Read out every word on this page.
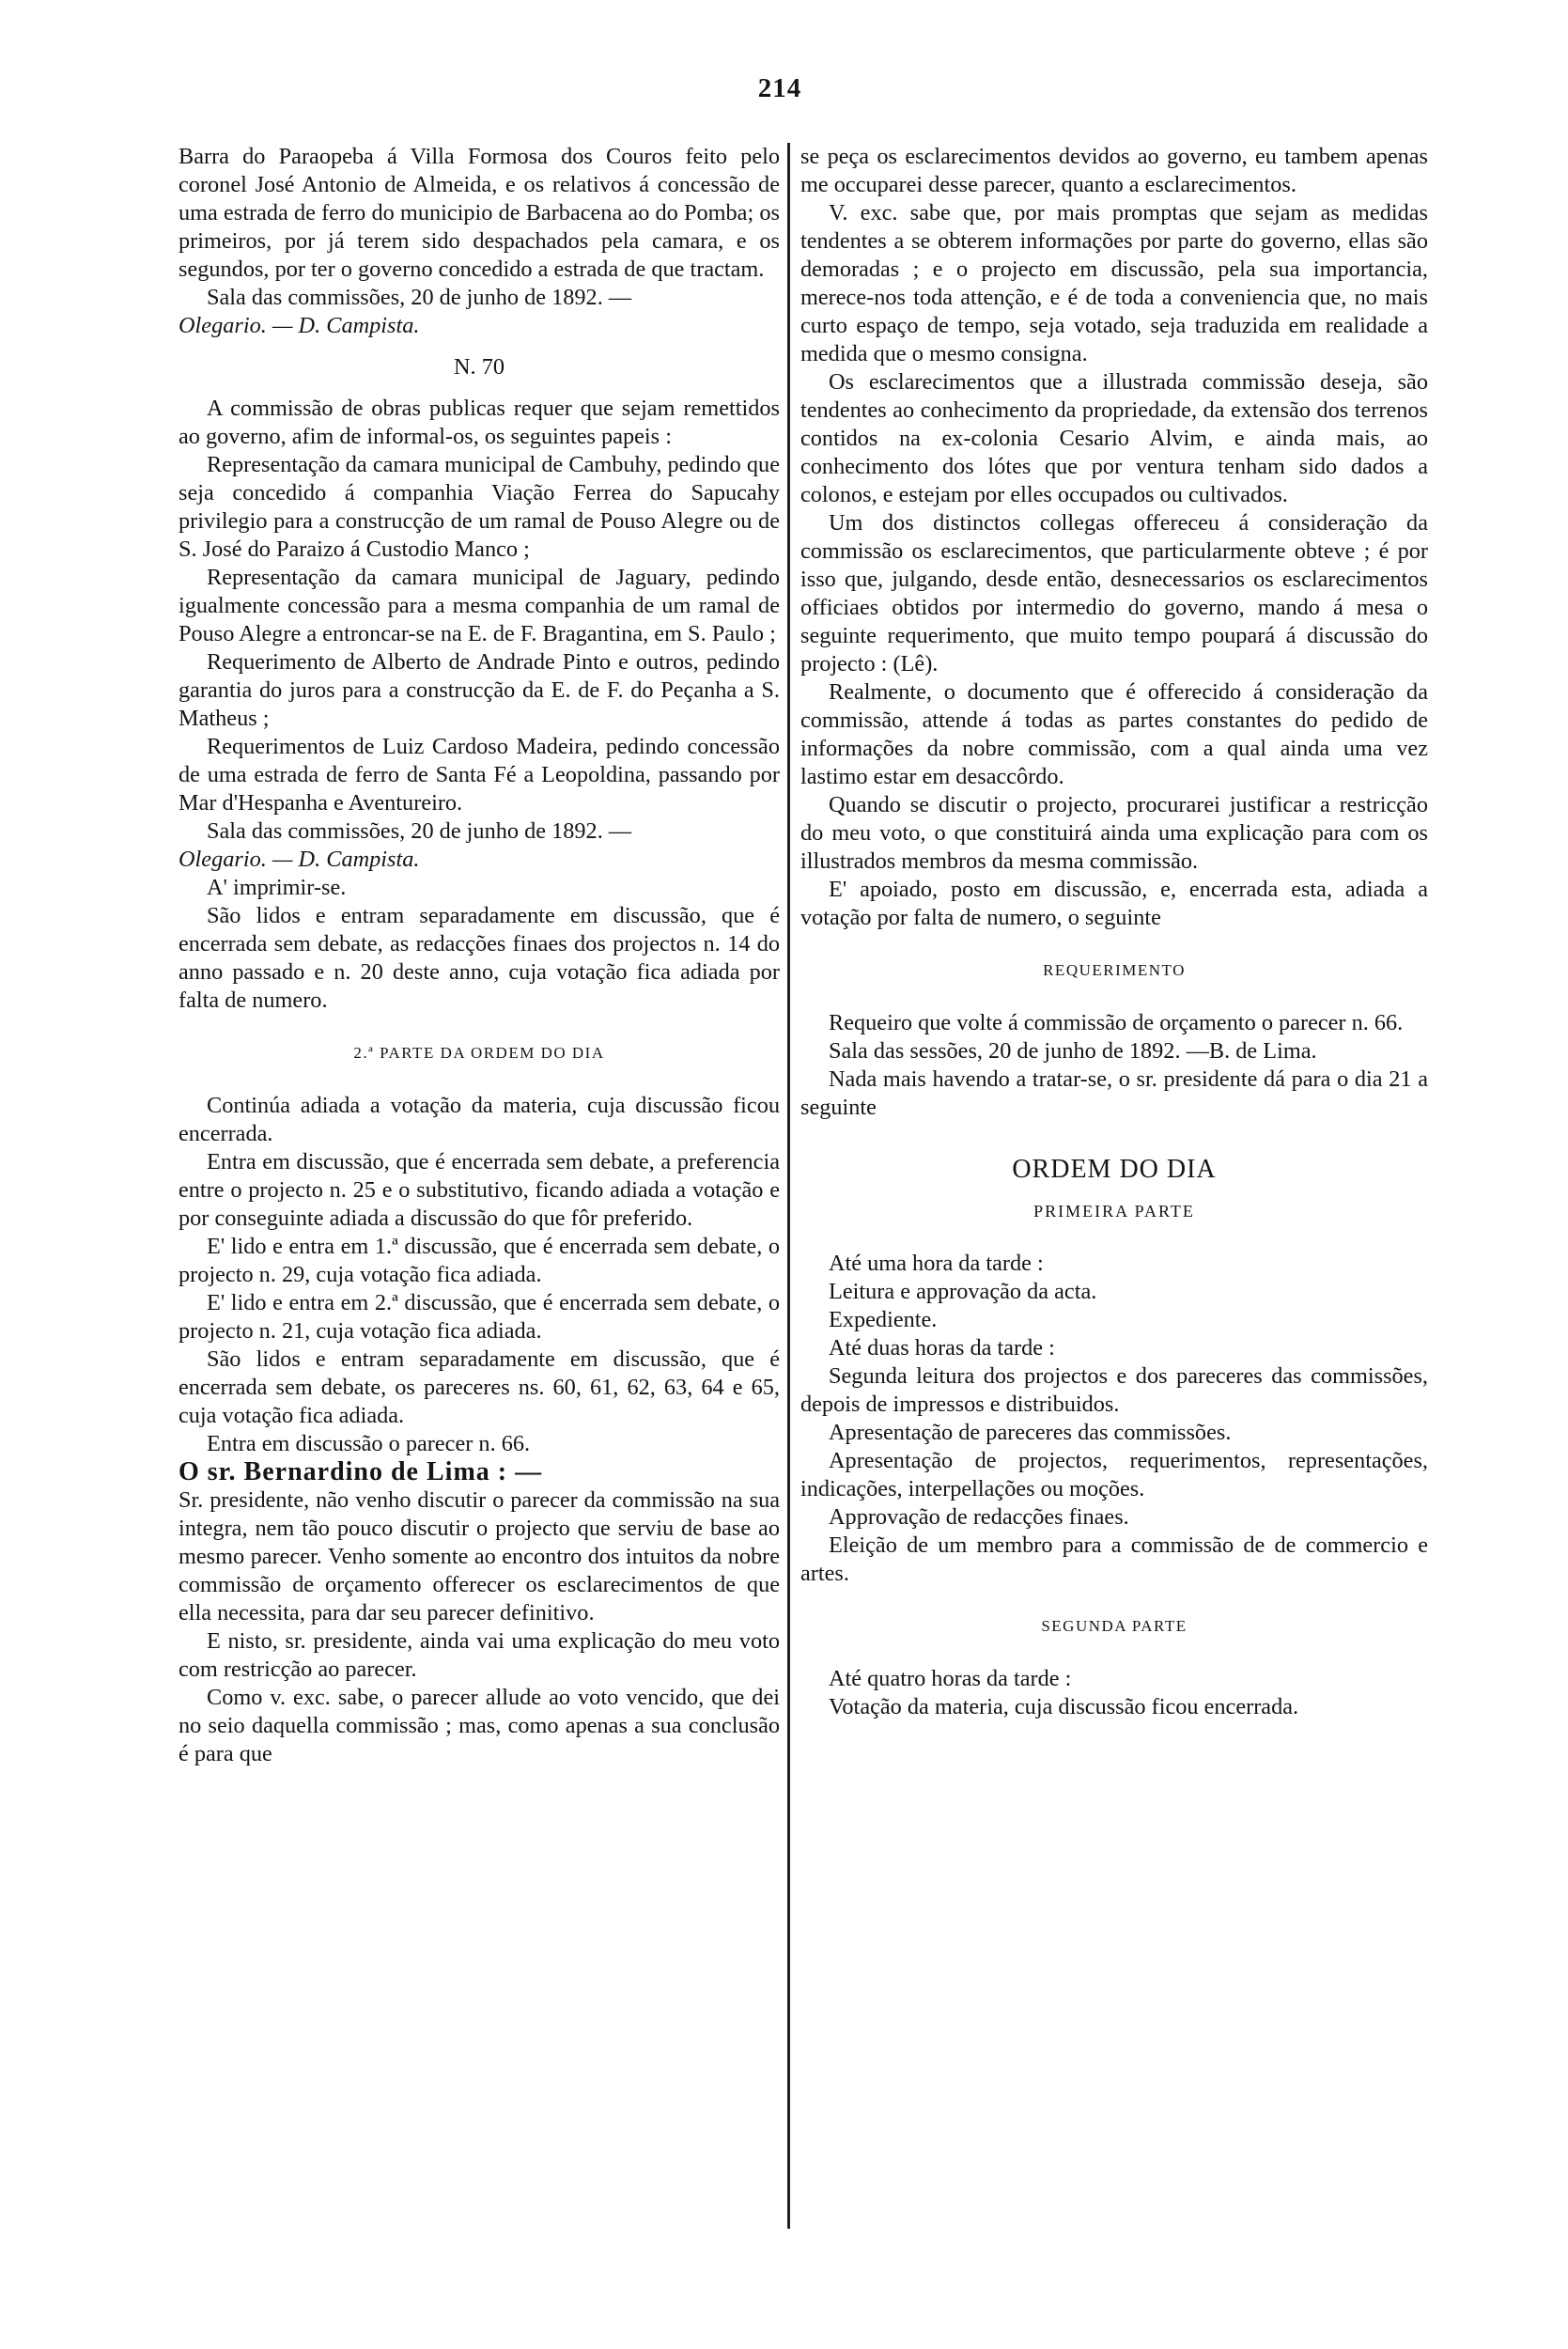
214

Barra do Paraopeba á Villa Formosa dos Couros feito pelo coronel José Antonio de Almeida, e os relativos á concessão de uma estrada de ferro do municipio de Barbacena ao do Pomba; os primeiros, por já terem sido despachados pela camara, e os segundos, por ter o governo concedido a estrada de que tractam.

Sala das commissões, 20 de junho de 1892. —

Olegario. — D. Campista.

N. 70

A commissão de obras publicas requer que sejam remettidos ao governo, afim de informal-os, os seguintes papeis :

Representação da camara municipal de Cambuhy, pedindo que seja concedido á companhia Viação Ferrea do Sapucahy privilegio para a construcção de um ramal de Pouso Alegre ou de S. José do Paraizo á Custodio Manco ;

Representação da camara municipal de Jaguary, pedindo igualmente concessão para a mesma companhia de um ramal de Pouso Alegre a entroncar-se na E. de F. Bragantina, em S. Paulo ;

Requerimento de Alberto de Andrade Pinto e outros, pedindo garantia do juros para a construcção da E. de F. do Peçanha a S. Matheus ;

Requerimentos de Luiz Cardoso Madeira, pedindo concessão de uma estrada de ferro de Santa Fé a Leopoldina, passando por Mar d'Hespanha e Aventureiro.

Sala das commissões, 20 de junho de 1892. —

Olegario. — D. Campista.

A' imprimir-se.

São lidos e entram separadamente em discussão, que é encerrada sem debate, as redacções finaes dos projectos n. 14 do anno passado e n. 20 deste anno, cuja votação fica adiada por falta de numero.

2.ª PARTE DA ORDEM DO DIA

Continúa adiada a votação da materia, cuja discussão ficou encerrada.

Entra em discussão, que é encerrada sem debate, a preferencia entre o projecto n. 25 e o substitutivo, ficando adiada a votação e por conseguinte adiada a discussão do que fôr preferido.

E' lido e entra em 1.ª discussão, que é encerrada sem debate, o projecto n. 29, cuja votação fica adiada.

E' lido e entra em 2.ª discussão, que é encerrada sem debate, o projecto n. 21, cuja votação fica adiada.

São lidos e entram separadamente em discussão, que é encerrada sem debate, os pareceres ns. 60, 61, 62, 63, 64 e 65, cuja votação fica adiada.

Entra em discussão o parecer n. 66.

O sr. Bernardino de Lima : —

Sr. presidente, não venho discutir o parecer da commissão na sua integra, nem tão pouco discutir o projecto que serviu de base ao mesmo parecer. Venho somente ao encontro dos intuitos da nobre commissão de orçamento offerecer os esclarecimentos de que ella necessita, para dar seu parecer definitivo.

E nisto, sr. presidente, ainda vai uma explicação do meu voto com restricção ao parecer.

Como v. exc. sabe, o parecer allude ao voto vencido, que dei no seio daquella commissão ; mas, como apenas a sua conclusão é para que

se peça os esclarecimentos devidos ao governo, eu tambem apenas me occuparei desse parecer, quanto a esclarecimentos.

V. exc. sabe que, por mais promptas que sejam as medidas tendentes a se obterem informações por parte do governo, ellas são demoradas ; e o projecto em discussão, pela sua importancia, merece-nos toda attenção, e é de toda a conveniencia que, no mais curto espaço de tempo, seja votado, seja traduzida em realidade a medida que o mesmo consigna.

Os esclarecimentos que a illustrada commissão deseja, são tendentes ao conhecimento da propriedade, da extensão dos terrenos contidos na ex-colonia Cesario Alvim, e ainda mais, ao conhecimento dos lótes que por ventura tenham sido dados a colonos, e estejam por elles occupados ou cultivados.

Um dos distinctos collegas offereceu á consideração da commissão os esclarecimentos, que particularmente obteve ; é por isso que, julgando, desde então, desnecessarios os esclarecimentos officiaes obtidos por intermedio do governo, mando á mesa o seguinte requerimento, que muito tempo poupará á discussão do projecto : (Lê).

Realmente, o documento que é offerecido á consideração da commissão, attende á todas as partes constantes do pedido de informações da nobre commissão, com a qual ainda uma vez lastimo estar em desaccôrdo.

Quando se discutir o projecto, procurarei justificar a restricção do meu voto, o que constituirá ainda uma explicação para com os illustrados membros da mesma commissão.

E' apoiado, posto em discussão, e, encerrada esta, adiada a votação por falta de numero, o seguinte

REQUERIMENTO

Requeiro que volte á commissão de orçamento o parecer n. 66.

Sala das sessões, 20 de junho de 1892. —B. de Lima.

Nada mais havendo a tratar-se, o sr. presidente dá para o dia 21 a seguinte

ORDEM DO DIA

PRIMEIRA PARTE

Até uma hora da tarde :

Leitura e approvação da acta.

Expediente.

Até duas horas da tarde :

Segunda leitura dos projectos e dos pareceres das commissões, depois de impressos e distribuidos.

Apresentação de pareceres das commissões.

Apresentação de projectos, requerimentos, representações, indicações, interpellações ou moções.

Approvação de redacções finaes.

Eleição de um membro para a commissão de de commercio e artes.

SEGUNDA PARTE

Até quatro horas da tarde :

Votação da materia, cuja discussão ficou encerrada.
